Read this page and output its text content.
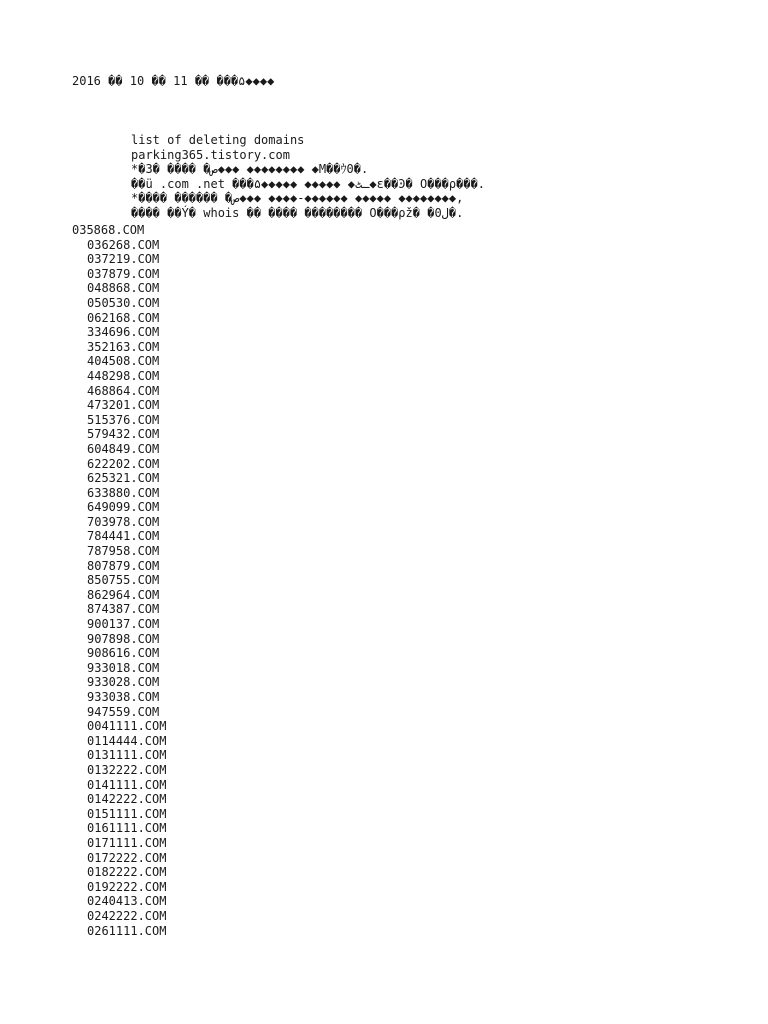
2016 �� 10 �� 11 �� ���۵◆◆◆◆
list of deleting domains
parking365.tistory.com
*�3� ���� �ص◆◆◆ ◆◆◆◆◆◆◆◆ ◆M��ｳ0�.
��ü .com .net ���۵◆◆◆◆◆ ◆◆◆◆◆ ◆ـٹ◆ε��Ͽ� O���ρ���.
*���� ������ �ص◆◆◆ ◆◆◆◆-◆◆◆◆◆◆ ◆◆◆◆◆ ◆◆◆◆◆◆◆◆,
���� ��Ý� whois �� ���� �������� O���ρž� �ل0�.
035868.COM
036268.COM
037219.COM
037879.COM
048868.COM
050530.COM
062168.COM
334696.COM
352163.COM
404508.COM
448298.COM
468864.COM
473201.COM
515376.COM
579432.COM
604849.COM
622202.COM
625321.COM
633880.COM
649099.COM
703978.COM
784441.COM
787958.COM
807879.COM
850755.COM
862964.COM
874387.COM
900137.COM
907898.COM
908616.COM
933018.COM
933028.COM
933038.COM
947559.COM
0041111.COM
0114444.COM
0131111.COM
0132222.COM
0141111.COM
0142222.COM
0151111.COM
0161111.COM
0171111.COM
0172222.COM
0182222.COM
0192222.COM
0240413.COM
0242222.COM
0261111.COM
